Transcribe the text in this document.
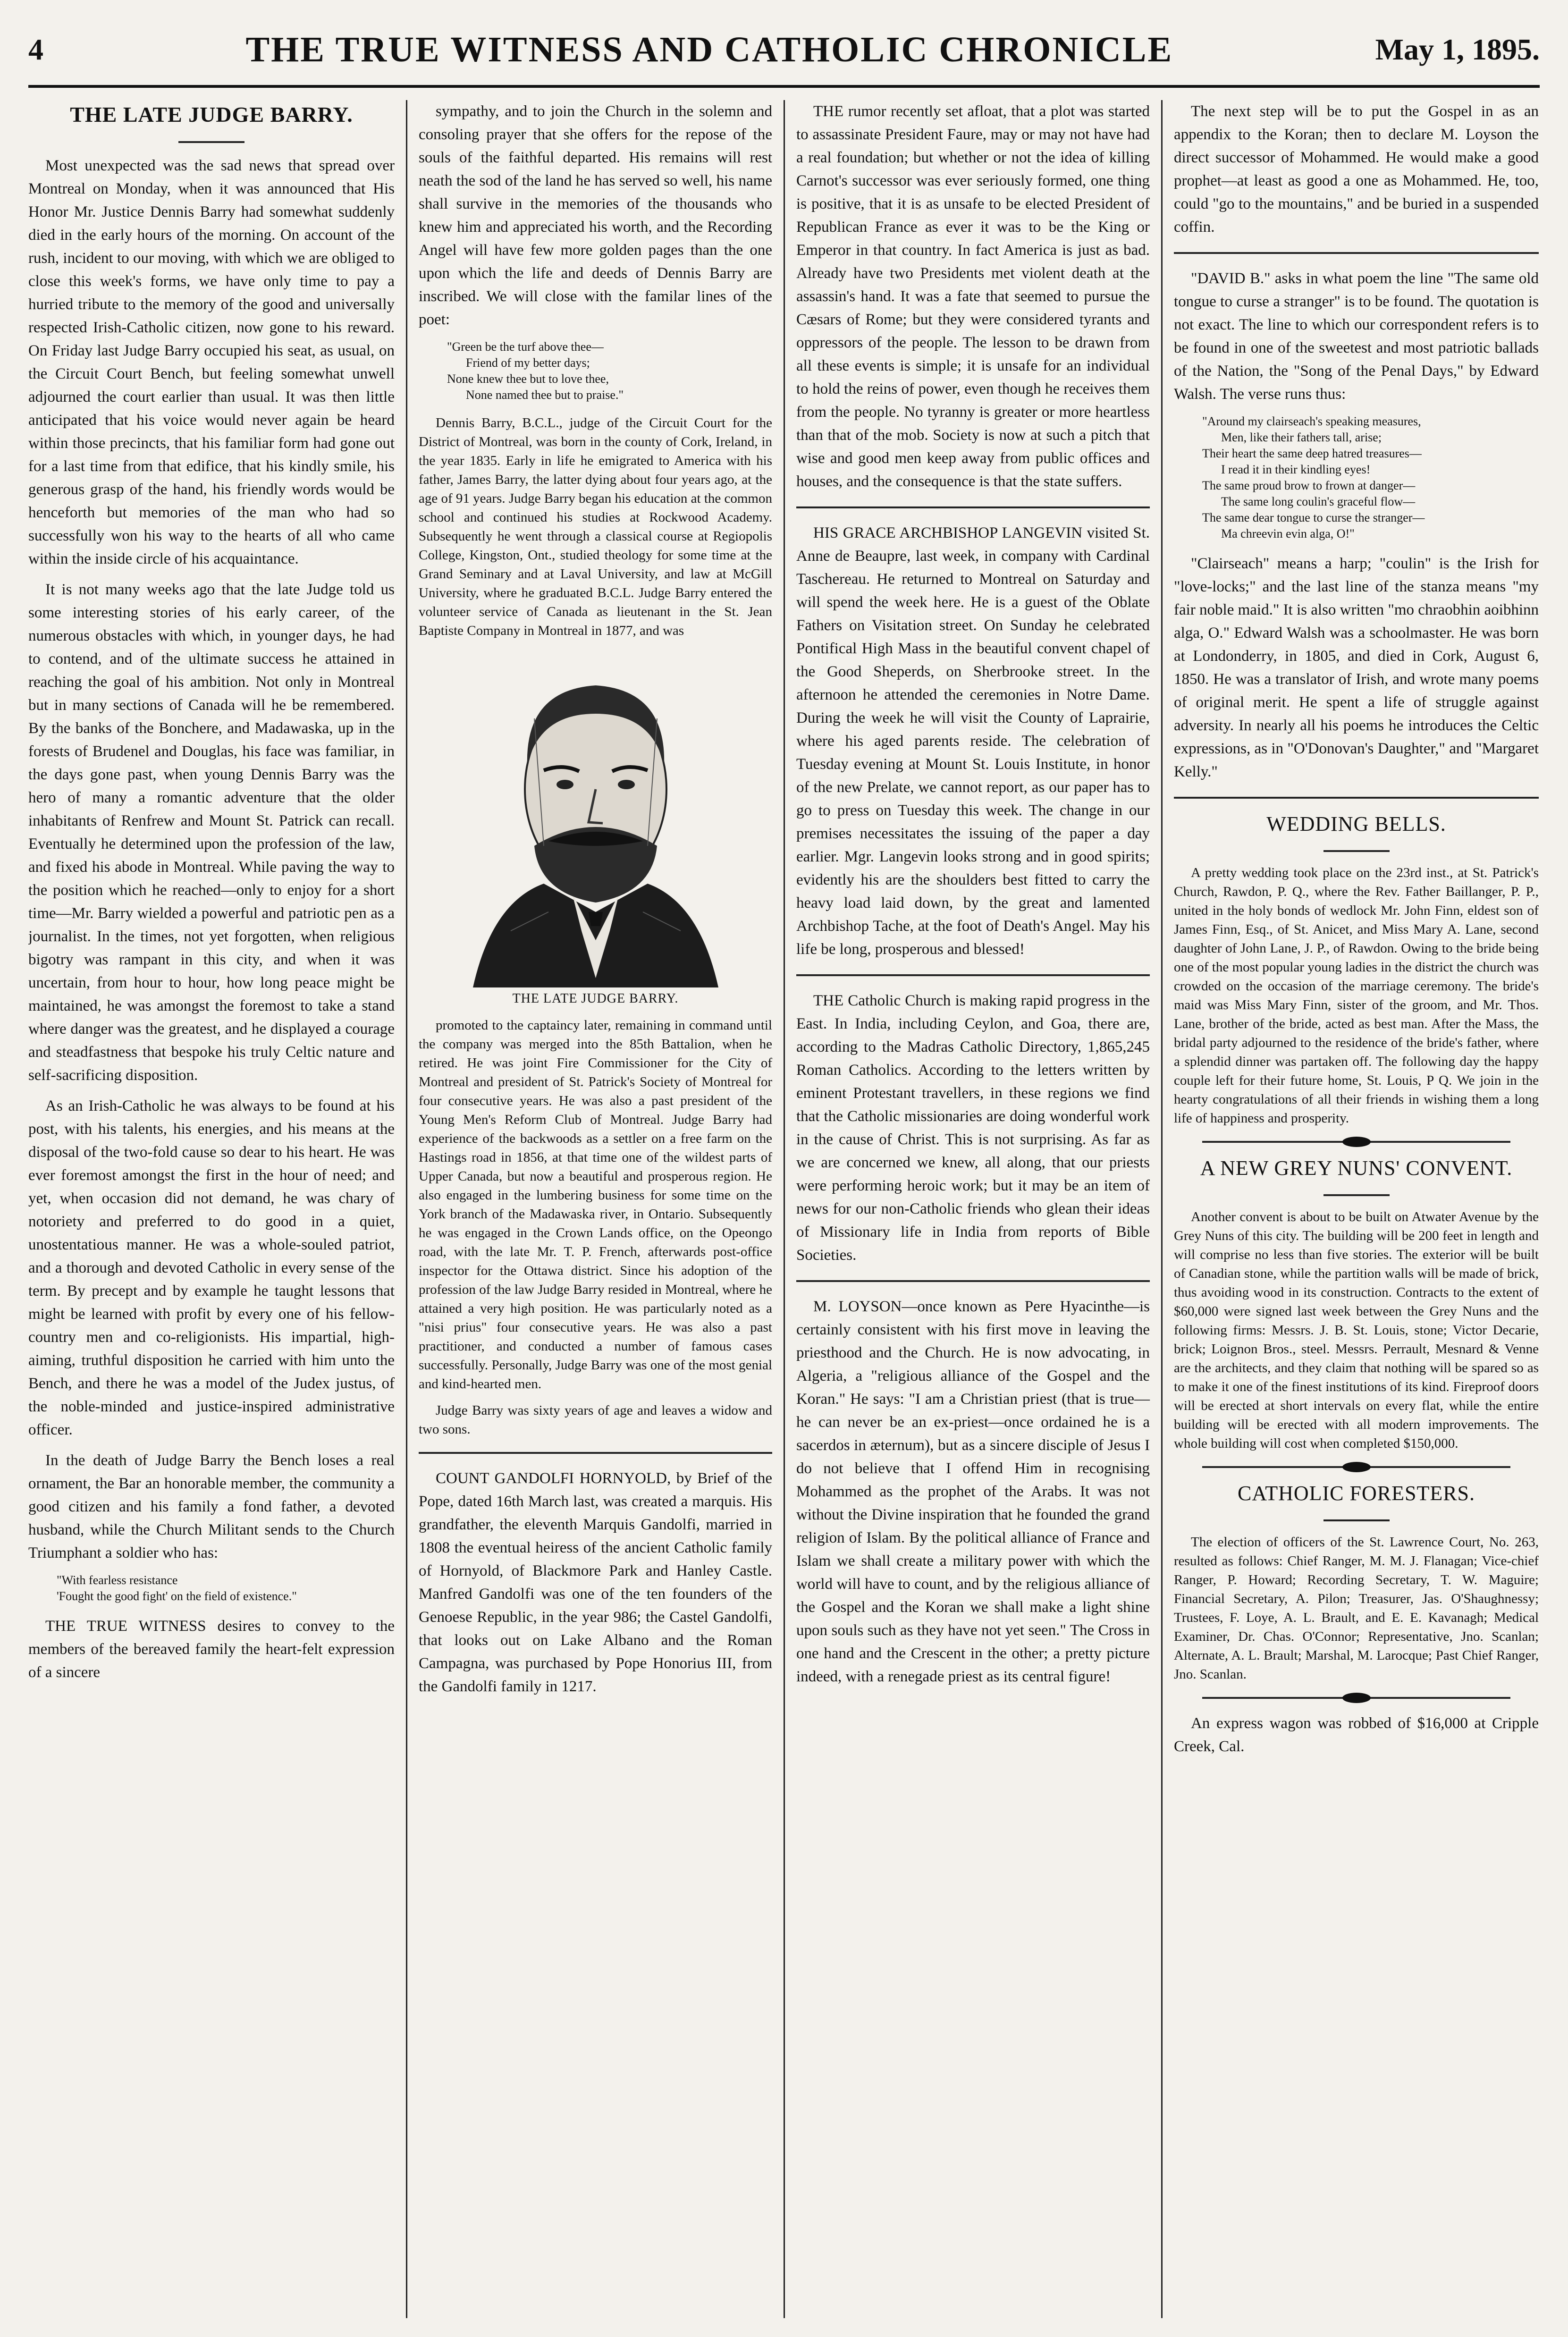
4	THE TRUE WITNESS AND CATHOLIC CHRONICLE	May 1, 1895.
THE LATE JUDGE BARRY.

Most unexpected was the sad news that spread over Montreal on Monday, when it was announced that His Honor Mr. Justice Dennis Barry had somewhat suddenly died in the early hours of the morning. On account of the rush, incident to our moving, with which we are obliged to close this week's forms, we have only time to pay a hurried tribute to the memory of the good and universally respected Irish-Catholic citizen, now gone to his reward. On Friday last Judge Barry occupied his seat, as usual, on the Circuit Court Bench, but feeling somewhat unwell adjourned the court earlier than usual. It was then little anticipated that his voice would never again be heard within those precincts, that his familiar form had gone out for a last time from that edifice, that his kindly smile, his generous grasp of the hand, his friendly words would be henceforth but memories of the man who had so successfully won his way to the hearts of all who came within the inside circle of his acquaintance.

It is not many weeks ago that the late Judge told us some interesting stories of his early career, of the numerous obstacles with which, in younger days, he had to contend, and of the ultimate success he attained in reaching the goal of his ambition. Not only in Montreal but in many sections of Canada will he be remembered. By the banks of the Bonchere, and Madawaska, up in the forests of Brudenel and Douglas, his face was familiar, in the days gone past, when young Dennis Barry was the hero of many a romantic adventure that the older inhabitants of Renfrew and Mount St. Patrick can recall. Eventually he determined upon the profession of the law, and fixed his abode in Montreal. While paving the way to the position which he reached—only to enjoy for a short time—Mr. Barry wielded a powerful and patriotic pen as a journalist. In the times, not yet forgotten, when religious bigotry was rampant in this city, and when it was uncertain, from hour to hour, how long peace might be maintained, he was amongst the foremost to take a stand where danger was the greatest, and he displayed a courage and steadfastness that bespoke his truly Celtic nature and self-sacrificing disposition.

As an Irish-Catholic he was always to be found at his post, with his talents, his energies, and his means at the disposal of the two-fold cause so dear to his heart. He was ever foremost amongst the first in the hour of need; and yet, when occasion did not demand, he was chary of notoriety and preferred to do good in a quiet, unostentatious manner. He was a whole-souled patriot, and a thorough and devoted Catholic in every sense of the term. By precept and by example he taught lessons that might be learned with profit by every one of his fellow-country men and co-religionists. His impartial, high-aiming, truthful disposition he carried with him unto the Bench, and there he was a model of the Judex justus, of the noble-minded and justice-inspired administrative officer.

In the death of Judge Barry the Bench loses a real ornament, the Bar an honorable member, the community a good citizen and his family a fond father, a devoted husband, while the Church Militant sends to the Church Triumphant a soldier who has:

"With fearless resistance
'Fought the good fight' on the field of existence."

THE TRUE WITNESS desires to convey to the members of the bereaved family the heart-felt expression of a sincere

sympathy, and to join the Church in the solemn and consoling prayer that she offers for the repose of the souls of the faithful departed. His remains will rest neath the sod of the land he has served so well, his name shall survive in the memories of the thousands who knew him and appreciated his worth, and the Recording Angel will have few more golden pages than the one upon which the life and deeds of Dennis Barry are inscribed. We will close with the familar lines of the poet:

"Green be the turf above thee—
Friend of my better days;
None knew thee but to love thee,
None named thee but to praise."

Dennis Barry, B.C.L., judge of the Circuit Court for the District of Montreal, was born in the county of Cork, Ireland, in the year 1835. Early in life he emigrated to America with his father, James Barry, the latter dying about four years ago, at the age of 91 years. Judge Barry began his education at the common school and continued his studies at Rockwood Academy. Subsequently he went through a classical course at Regiopolis College, Kingston, Ont., studied theology for some time at the Grand Seminary and at Laval University, and law at McGill University, where he graduated B.C.L. Judge Barry entered the volunteer service of Canada as lieutenant in the St. Jean Baptiste Company in Montreal in 1877, and was

THE LATE JUDGE BARRY.

promoted to the captaincy later, remaining in command until the company was merged into the 85th Battalion, when he retired. He was joint Fire Commissioner for the City of Montreal and president of St. Patrick's Society of Montreal for four consecutive years. He was also a past president of the Young Men's Reform Club of Montreal. Judge Barry had experience of the backwoods as a settler on a free farm on the Hastings road in 1856, at that time one of the wildest parts of Upper Canada, but now a beautiful and prosperous region. He also engaged in the lumbering business for some time on the York branch of the Madawaska river, in Ontario. Subsequently he was engaged in the Crown Lands office, on the Opeongo road, with the late Mr. T. P. French, afterwards post-office inspector for the Ottawa district. Since his adoption of the profession of the law Judge Barry resided in Montreal, where he attained a very high position. He was particularly noted as a "nisi prius" four consecutive years. He was also a past practitioner, and conducted a number of famous cases successfully. Personally, Judge Barry was one of the most genial and kind-hearted men.

Judge Barry was sixty years of age and leaves a widow and two sons.

COUNT GANDOLFI HORNYOLD, by Brief of the Pope, dated 16th March last, was created a marquis. His grandfather, the eleventh Marquis Gandolfi, married in 1808 the eventual heiress of the ancient Catholic family of Hornyold, of Blackmore Park and Hanley Castle. Manfred Gandolfi was one of the ten founders of the Genoese Republic, in the year 986; the Castel Gandolfi, that looks out on Lake Albano and the Roman Campagna, was purchased by Pope Honorius III, from the Gandolfi family in 1217.

THE rumor recently set afloat, that a plot was started to assassinate President Faure, may or may not have had a real foundation; but whether or not the idea of killing Carnot's successor was ever seriously formed, one thing is positive, that it is as unsafe to be elected President of Republican France as ever it was to be the King or Emperor in that country. In fact America is just as bad. Already have two Presidents met violent death at the assassin's hand. It was a fate that seemed to pursue the Cæsars of Rome; but they were considered tyrants and oppressors of the people. The lesson to be drawn from all these events is simple; it is unsafe for an individual to hold the reins of power, even though he receives them from the people. No tyranny is greater or more heartless than that of the mob. Society is now at such a pitch that wise and good men keep away from public offices and houses, and the consequence is that the state suffers.

HIS GRACE ARCHBISHOP LANGEVIN visited St. Anne de Beaupre, last week, in company with Cardinal Taschereau. He returned to Montreal on Saturday and will spend the week here. He is a guest of the Oblate Fathers on Visitation street. On Sunday he celebrated Pontifical High Mass in the beautiful convent chapel of the Good Sheperds, on Sherbrooke street. In the afternoon he attended the ceremonies in Notre Dame. During the week he will visit the County of Laprairie, where his aged parents reside. The celebration of Tuesday evening at Mount St. Louis Institute, in honor of the new Prelate, we cannot report, as our paper has to go to press on Tuesday this week. The change in our premises necessitates the issuing of the paper a day earlier. Mgr. Langevin looks strong and in good spirits; evidently his are the shoulders best fitted to carry the heavy load laid down, by the great and lamented Archbishop Tache, at the foot of Death's Angel. May his life be long, prosperous and blessed!

THE Catholic Church is making rapid progress in the East. In India, including Ceylon, and Goa, there are, according to the Madras Catholic Directory, 1,865,245 Roman Catholics. According to the letters written by eminent Protestant travellers, in these regions we find that the Catholic missionaries are doing wonderful work in the cause of Christ. This is not surprising. As far as we are concerned we knew, all along, that our priests were performing heroic work; but it may be an item of news for our non-Catholic friends who glean their ideas of Missionary life in India from reports of Bible Societies.

M. LOYSON—once known as Pere Hyacinthe—is certainly consistent with his first move in leaving the priesthood and the Church. He is now advocating, in Algeria, a "religious alliance of the Gospel and the Koran." He says: "I am a Christian priest (that is true—he can never be an ex-priest—once ordained he is a sacerdos in æternum), but as a sincere disciple of Jesus I do not believe that I offend Him in recognising Mohammed as the prophet of the Arabs. It was not without the Divine inspiration that he founded the grand religion of Islam. By the political alliance of France and Islam we shall create a military power with which the world will have to count, and by the religious alliance of the Gospel and the Koran we shall make a light shine upon souls such as they have not yet seen." The Cross in one hand and the Crescent in the other; a pretty picture indeed, with a renegade priest as its central figure!

The next step will be to put the Gospel in as an appendix to the Koran; then to declare M. Loyson the direct successor of Mohammed. He would make a good prophet—at least as good a one as Mohammed. He, too, could "go to the mountains," and be buried in a suspended coffin.

"DAVID B." asks in what poem the line "The same old tongue to curse a stranger" is to be found. The quotation is not exact. The line to which our correspondent refers is to be found in one of the sweetest and most patriotic ballads of the Nation, the "Song of the Penal Days," by Edward Walsh. The verse runs thus:

"Around my clairseach's speaking measures,
Men, like their fathers tall, arise;
Their heart the same deep hatred treasures—
I read it in their kindling eyes!
The same proud brow to frown at danger—
The same long coulin's graceful flow—
The same dear tongue to curse the stranger—
Ma chreevin evin alga, O!"

"Clairseach" means a harp; "coulin" is the Irish for "love-locks;" and the last line of the stanza means "my fair noble maid." It is also written "mo chraobhin aoibhinn alga, O." Edward Walsh was a schoolmaster. He was born at Londonderry, in 1805, and died in Cork, August 6, 1850. He was a translator of Irish, and wrote many poems of original merit. He spent a life of struggle against adversity. In nearly all his poems he introduces the Celtic expressions, as in "O'Donovan's Daughter," and "Margaret Kelly."

WEDDING BELLS.

A pretty wedding took place on the 23rd inst., at St. Patrick's Church, Rawdon, P. Q., where the Rev. Father Baillanger, P. P., united in the holy bonds of wedlock Mr. John Finn, eldest son of James Finn, Esq., of St. Anicet, and Miss Mary A. Lane, second daughter of John Lane, J. P., of Rawdon. Owing to the bride being one of the most popular young ladies in the district the church was crowded on the occasion of the marriage ceremony. The bride's maid was Miss Mary Finn, sister of the groom, and Mr. Thos. Lane, brother of the bride, acted as best man. After the Mass, the bridal party adjourned to the residence of the bride's father, where a splendid dinner was partaken off. The following day the happy couple left for their future home, St. Louis, P Q. We join in the hearty congratulations of all their friends in wishing them a long life of happiness and prosperity.

A NEW GREY NUNS' CONVENT.

Another convent is about to be built on Atwater Avenue by the Grey Nuns of this city. The building will be 200 feet in length and will comprise no less than five stories. The exterior will be built of Canadian stone, while the partition walls will be made of brick, thus avoiding wood in its construction. Contracts to the extent of $60,000 were signed last week between the Grey Nuns and the following firms: Messrs. J. B. St. Louis, stone; Victor Decarie, brick; Loignon Bros., steel. Messrs. Perrault, Mesnard & Venne are the architects, and they claim that nothing will be spared so as to make it one of the finest institutions of its kind. Fireproof doors will be erected at short intervals on every flat, while the entire building will be erected with all modern improvements. The whole building will cost when completed $150,000.

CATHOLIC FORESTERS.

The election of officers of the St. Lawrence Court, No. 263, resulted as follows: Chief Ranger, M. M. J. Flanagan; Vice-chief Ranger, P. Howard; Recording Secretary, T. W. Maguire; Financial Secretary, A. Pilon; Treasurer, Jas. O'Shaughnessy; Trustees, F. Loye, A. L. Brault, and E. E. Kavanagh; Medical Examiner, Dr. Chas. O'Connor; Representative, Jno. Scanlan; Alternate, A. L. Brault; Marshal, M. Larocque; Past Chief Ranger, Jno. Scanlan.

An express wagon was robbed of $16,000 at Cripple Creek, Cal.
